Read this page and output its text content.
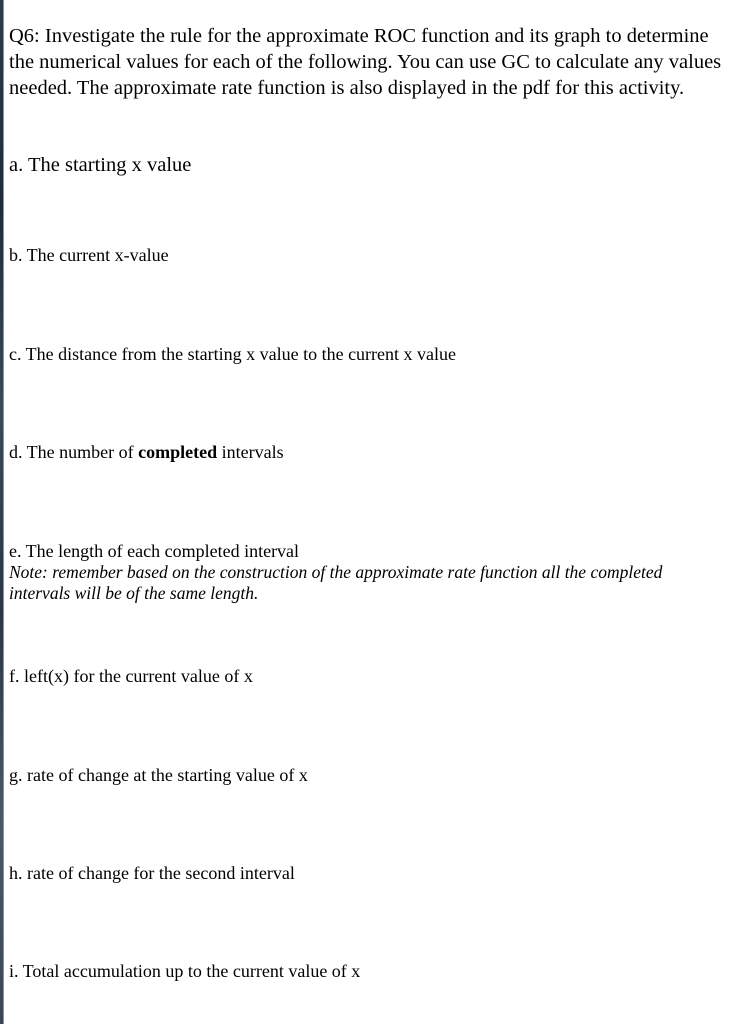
Q6: Investigate the rule for the approximate ROC function and its graph to determine the numerical values for each of the following. You can use GC to calculate any values needed. The approximate rate function is also displayed in the pdf for this activity.

a. The starting x value

b. The current x-value

c. The distance from the starting x value to the current x value

d. The number of completed intervals

e. The length of each completed interval

Note: remember based on the construction of the approximate rate function all the completed intervals will be of the same length.

f. left(x) for the current value of x

g. rate of change at the starting value of x

h. rate of change for the second interval

i. Total accumulation up to the current value of x
